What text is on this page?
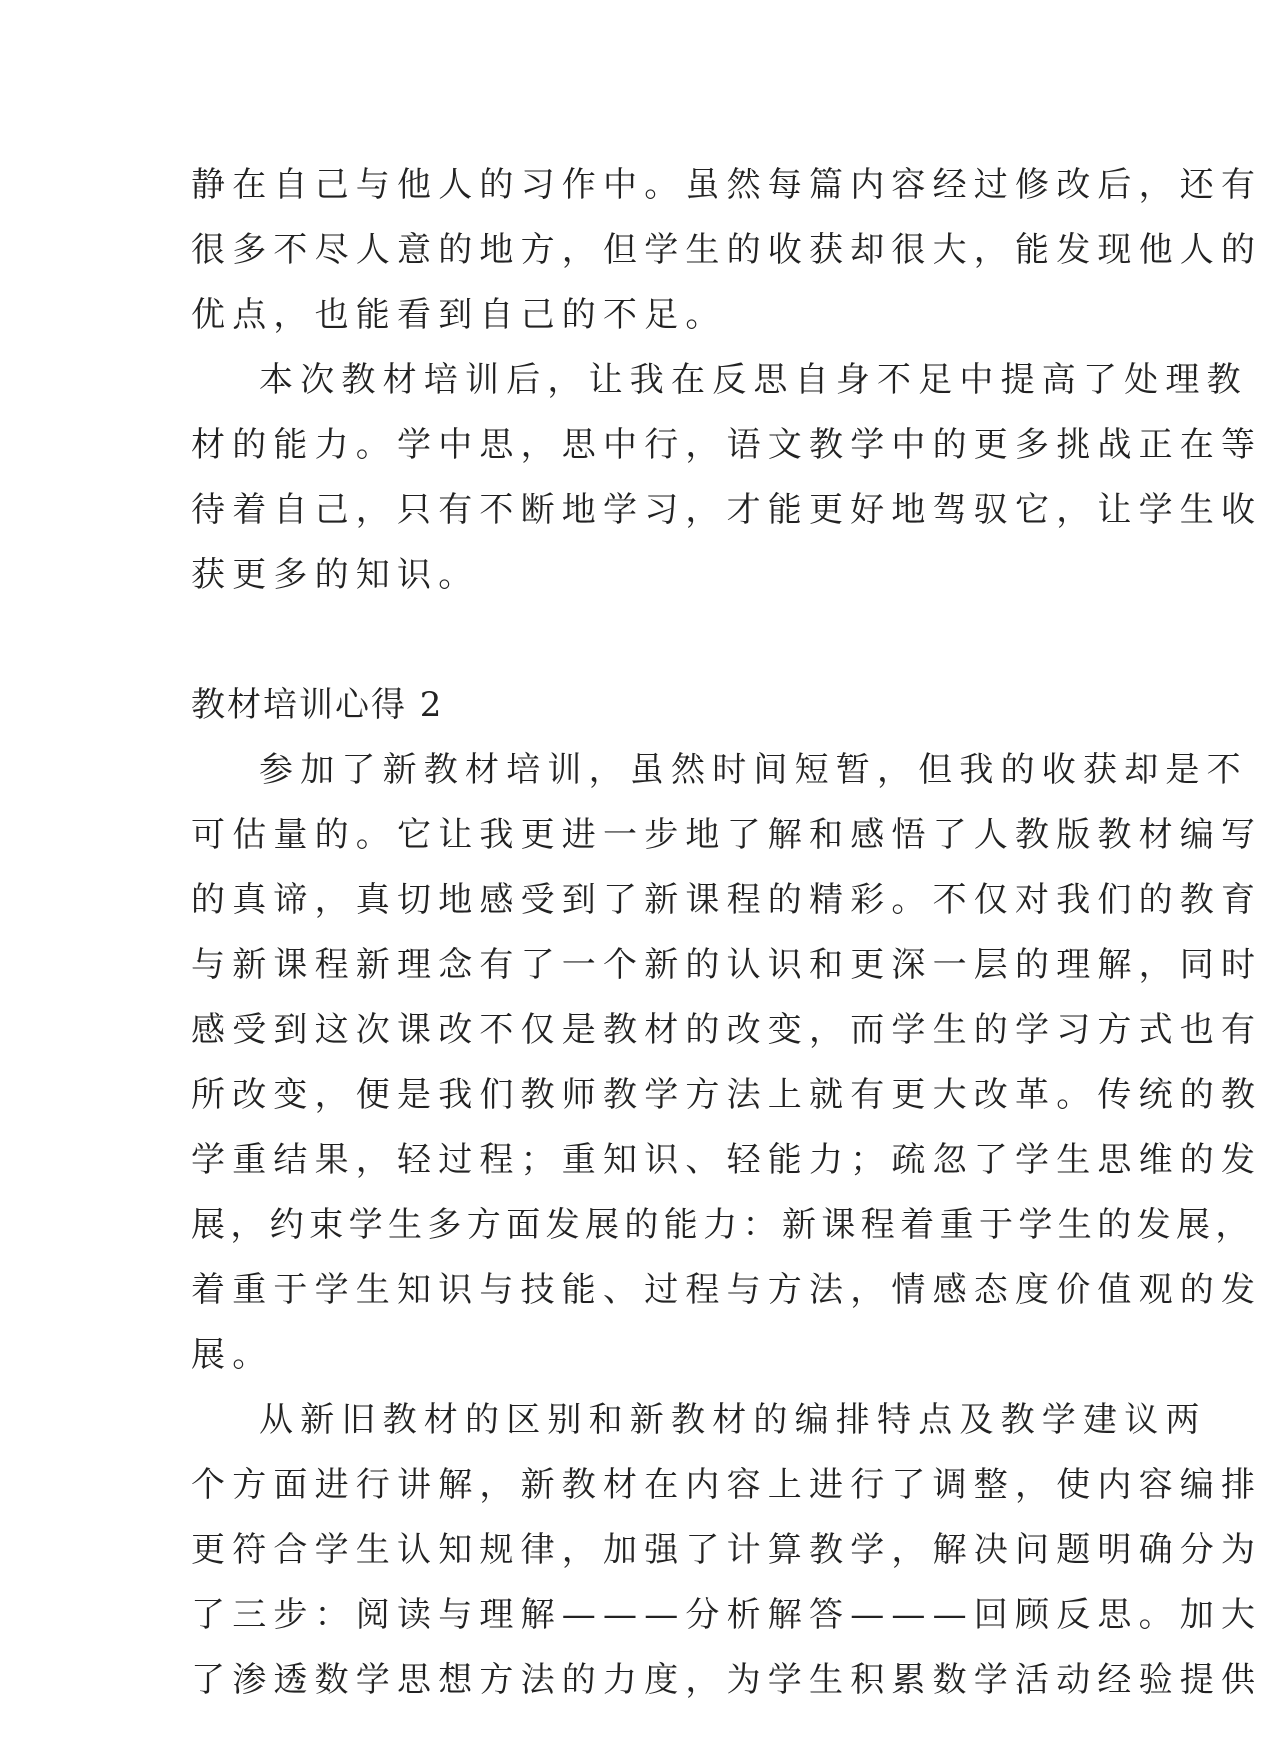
静在自己与他人的习作中。虽然每篇内容经过修改后，还有
很多不尽人意的地方，但学生的收获却很大，能发现他人的
优点，也能看到自己的不足。
本次教材培训后，让我在反思自身不足中提高了处理教
材的能力。学中思，思中行，语文教学中的更多挑战正在等
待着自己，只有不断地学习，才能更好地驾驭它，让学生收
获更多的知识。
教材培训心得 2
参加了新教材培训，虽然时间短暂，但我的收获却是不
可估量的。它让我更进一步地了解和感悟了人教版教材编写
的真谛，真切地感受到了新课程的精彩。不仅对我们的教育
与新课程新理念有了一个新的认识和更深一层的理解，同时
感受到这次课改不仅是教材的改变，而学生的学习方式也有
所改变，便是我们教师教学方法上就有更大改革。传统的教
学重结果，轻过程；重知识、轻能力；疏忽了学生思维的发
展，约束学生多方面发展的能力：新课程着重于学生的发展，
着重于学生知识与技能、过程与方法，情感态度价值观的发
展。
从新旧教材的区别和新教材的编排特点及教学建议两
个方面进行讲解，新教材在内容上进行了调整，使内容编排
更符合学生认知规律，加强了计算教学，解决问题明确分为
了三步：阅读与理解———分析解答———回顾反思。加大
了渗透数学思想方法的力度，为学生积累数学活动经验提供
